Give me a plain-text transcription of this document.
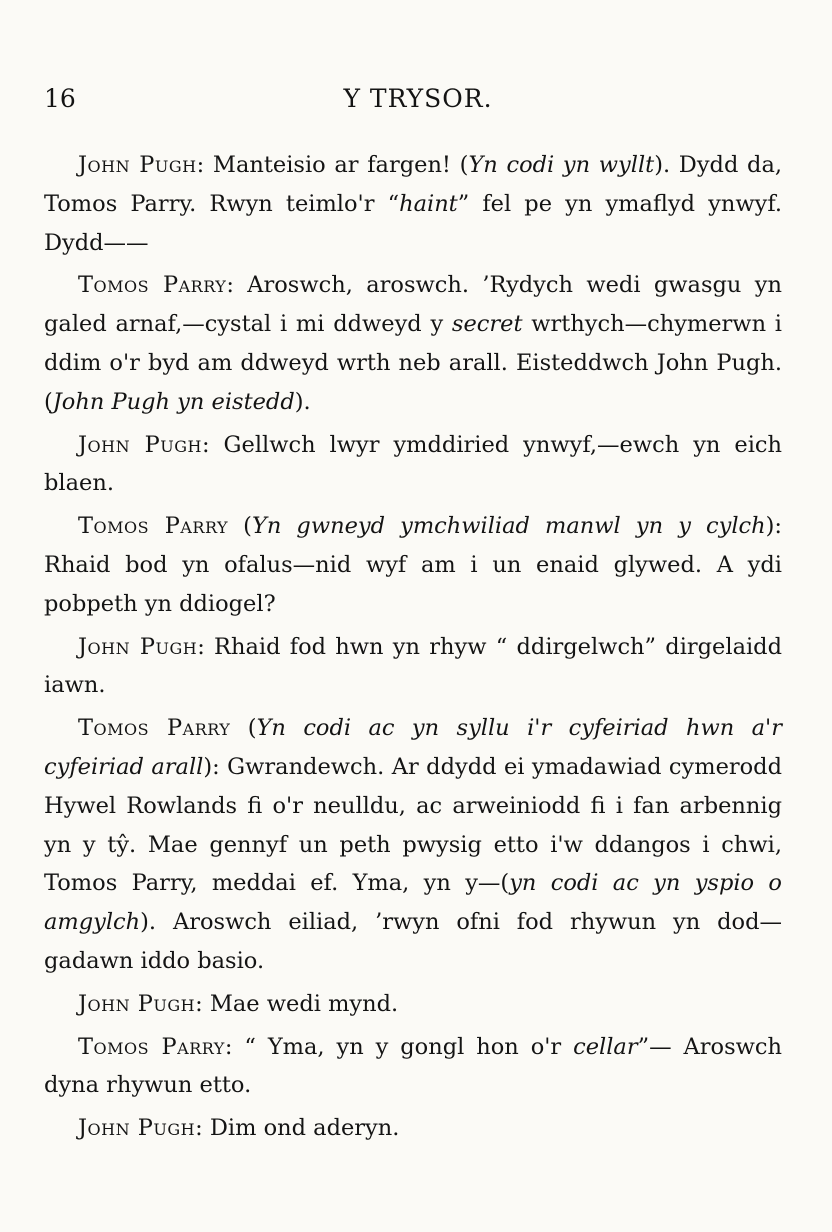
16	Y TRYSOR.

John Pugh: Manteisio ar fargen! (Yn codi yn wyllt). Dydd da, Tomos Parry. Rwyn teimlo'r “haint” fel pe yn ymaflyd ynwyf. Dydd——

Tomos Parry: Aroswch, aroswch. ’Rydych wedi gwasgu yn galed arnaf,—cystal i mi ddweyd y secret wrthych—chymerwn i ddim o'r byd am ddweyd wrth neb arall. Eisteddwch John Pugh. (John Pugh yn eistedd).

John Pugh: Gellwch lwyr ymddiried ynwyf,—ewch yn eich blaen.

Tomos Parry (Yn gwneyd ymchwiliad manwl yn y cylch): Rhaid bod yn ofalus—nid wyf am i un enaid glywed. A ydi pobpeth yn ddiogel?

John Pugh: Rhaid fod hwn yn rhyw “ ddirgelwch” dirgelaidd iawn.

Tomos Parry (Yn codi ac yn syllu i'r cyfeiriad hwn a'r cyfeiriad arall): Gwrandewch. Ar ddydd ei ymadawiad cymerodd Hywel Rowlands fi o'r neulldu, ac arweiniodd fi i fan arbennig yn y tŷ. Mae gennyf un peth pwysig etto i'w ddangos i chwi, Tomos Parry, meddai ef. Yma, yn y—(yn codi ac yn yspio o amgylch). Aroswch eiliad, ’rwyn ofni fod rhywun yn dod—gadawn iddo basio.

John Pugh: Mae wedi mynd.

Tomos Parry: “ Yma, yn y gongl hon o'r cellar”— Aroswch dyna rhywun etto.

John Pugh: Dim ond aderyn.
